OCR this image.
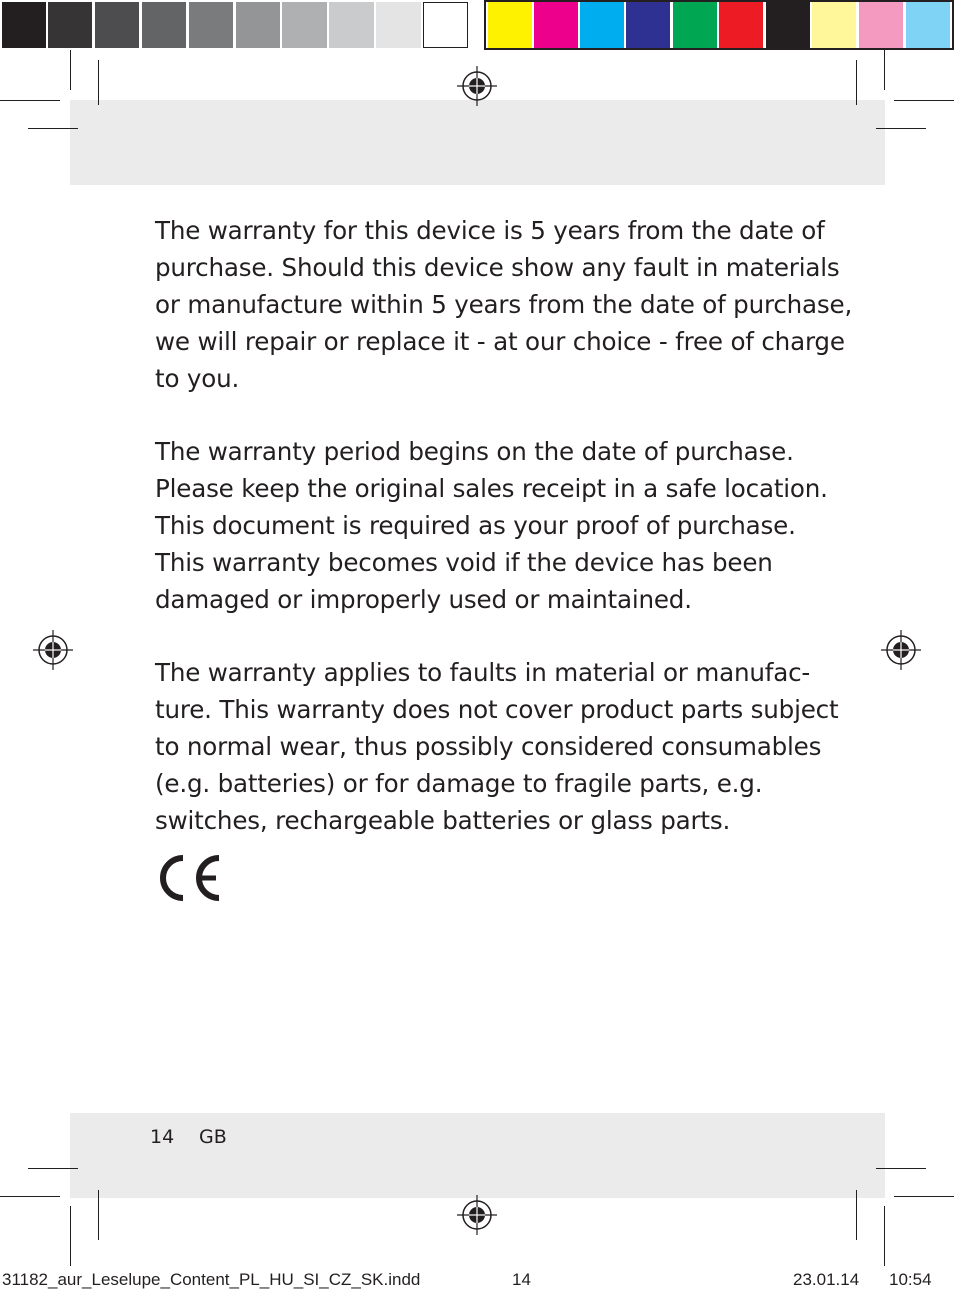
The warranty for this device is 5 years from the date of
purchase. Should this device show any fault in materials
or manufacture within 5 years from the date of purchase,
we will repair or replace it - at our choice - free of charge
to you.

The warranty period begins on the date of purchase.
Please keep the original sales receipt in a safe location.
This document is required as your proof of purchase.
This warranty becomes void if the device has been
damaged or improperly used or maintained.

The warranty applies to faults in material or manufac-
ture. This warranty does not cover product parts subject
to normal wear, thus possibly considered consumables
(e.g. batteries) or for damage to fragile parts, e.g.
switches, rechargeable batteries or glass parts.

14 GB
31182_aur_Leselupe_Content_PL_HU_SI_CZ_SK.indd	14	23.01.14 10:54
